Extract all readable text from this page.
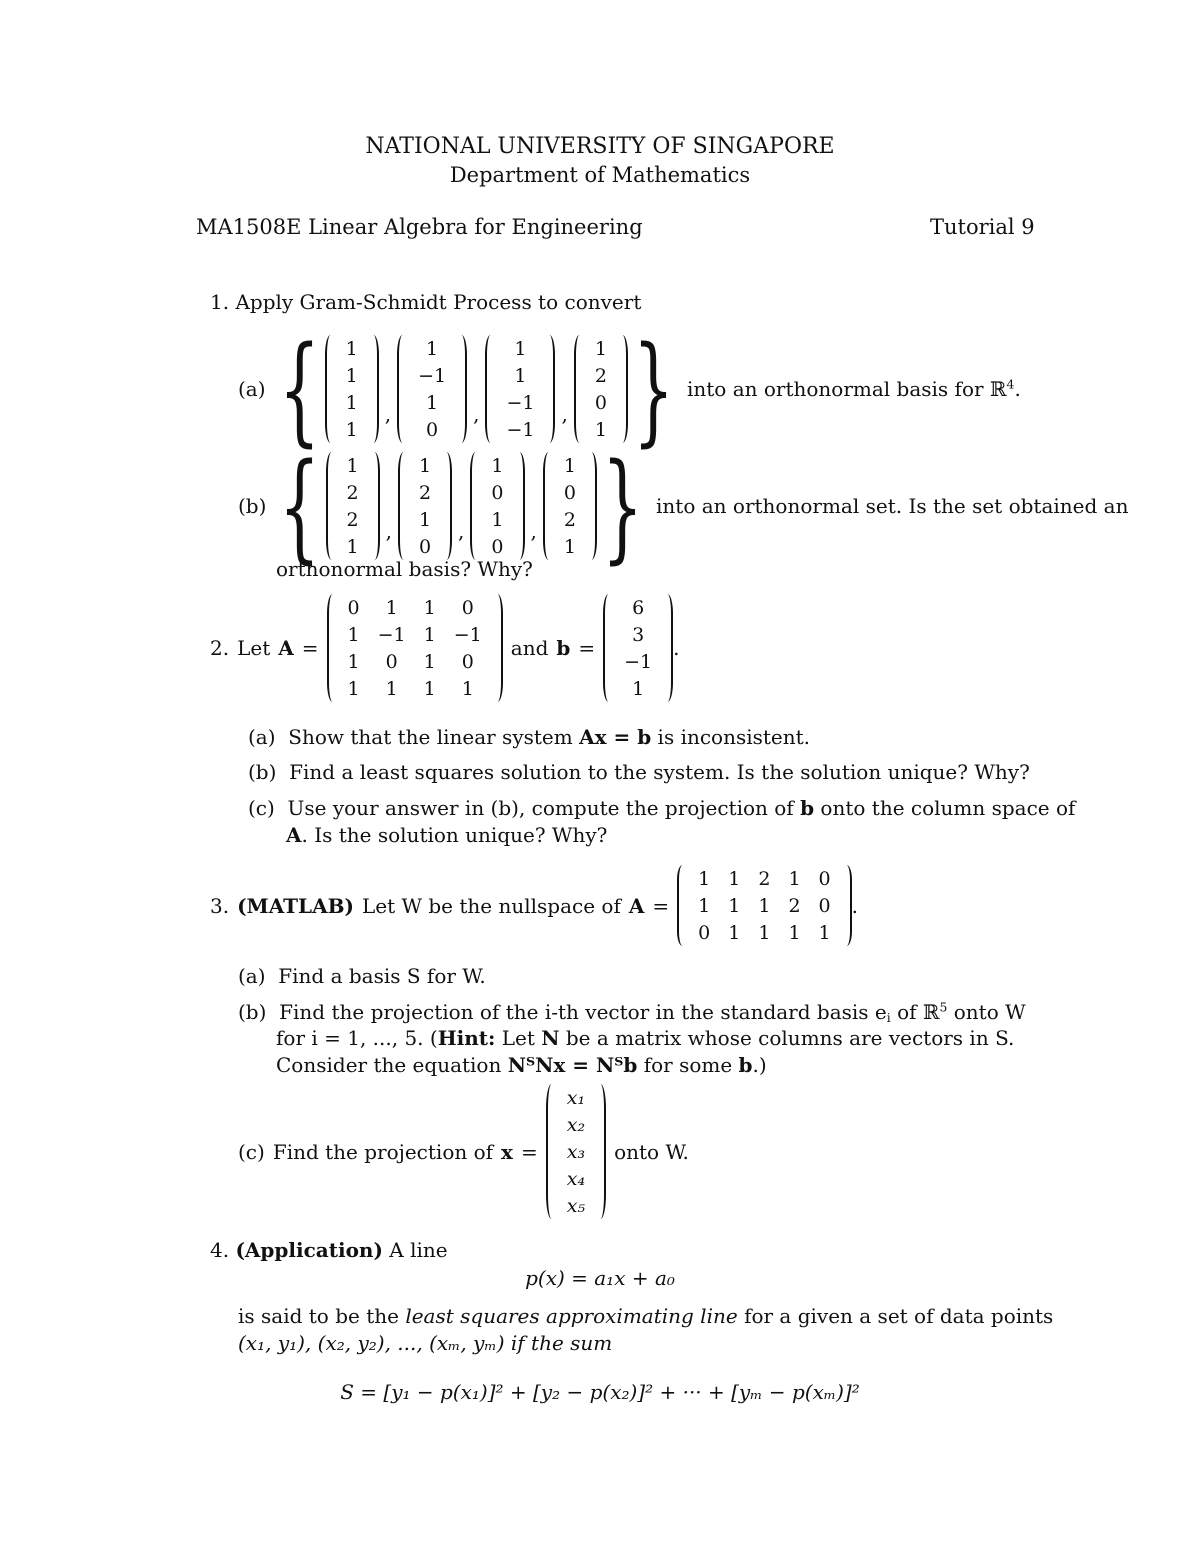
NATIONAL UNIVERSITY OF SINGAPORE
Department of Mathematics
MA1508E Linear Algebra for Engineering	Tutorial 9
1. Apply Gram-Schmidt Process to convert
(a) { 1
1
1
1
,
1
−1
1
0
,
1
1
−1
−1
,
1
2
0
1 } into an orthonormal basis for ℝ$^4$.
(b) { 1
2
2
1
,
1
2
1
0
,
1
0
1
0
,
1
0
2
1 } into an orthonormal set. Is the set obtained an
orthonormal basis? Why?
2. Let A =
0	1	1	0
1	−1	1	−1
1	0	1	0
1	1	1	1
and b =
6
3
−1
1
.
(a) Show that the linear system Ax = b is inconsistent.
(b) Find a least squares solution to the system. Is the solution unique? Why?
(c) Use your answer in (b), compute the projection of b onto the column space of
A. Is the solution unique? Why?
3. (MATLAB) Let W be the nullspace of A =
1	1	2	1	0
1	1	1	2	0
0	1	1	1	1
.
(a) Find a basis S for W.
(b) Find the projection of the i-th vector in the standard basis $e_i$ of ℝ$^5$ onto W
for i = 1, ..., 5. (Hint: Let N be a matrix whose columns are vectors in S.
Consider the equation NᵀNx = Nᵀb for some b.)
(c) Find the projection of x =
x₁
x₂
x₃
x₄
x₅
onto W.
4. (Application) A line
p(x) = a₁x + a₀
is said to be the least squares approximating line for a given a set of data points
(x₁, y₁), (x₂, y₂), ..., (xₘ, yₘ) if the sum
S = [y₁ − p(x₁)]² + [y₂ − p(x₂)]² + ··· + [yₘ − p(xₘ)]²
